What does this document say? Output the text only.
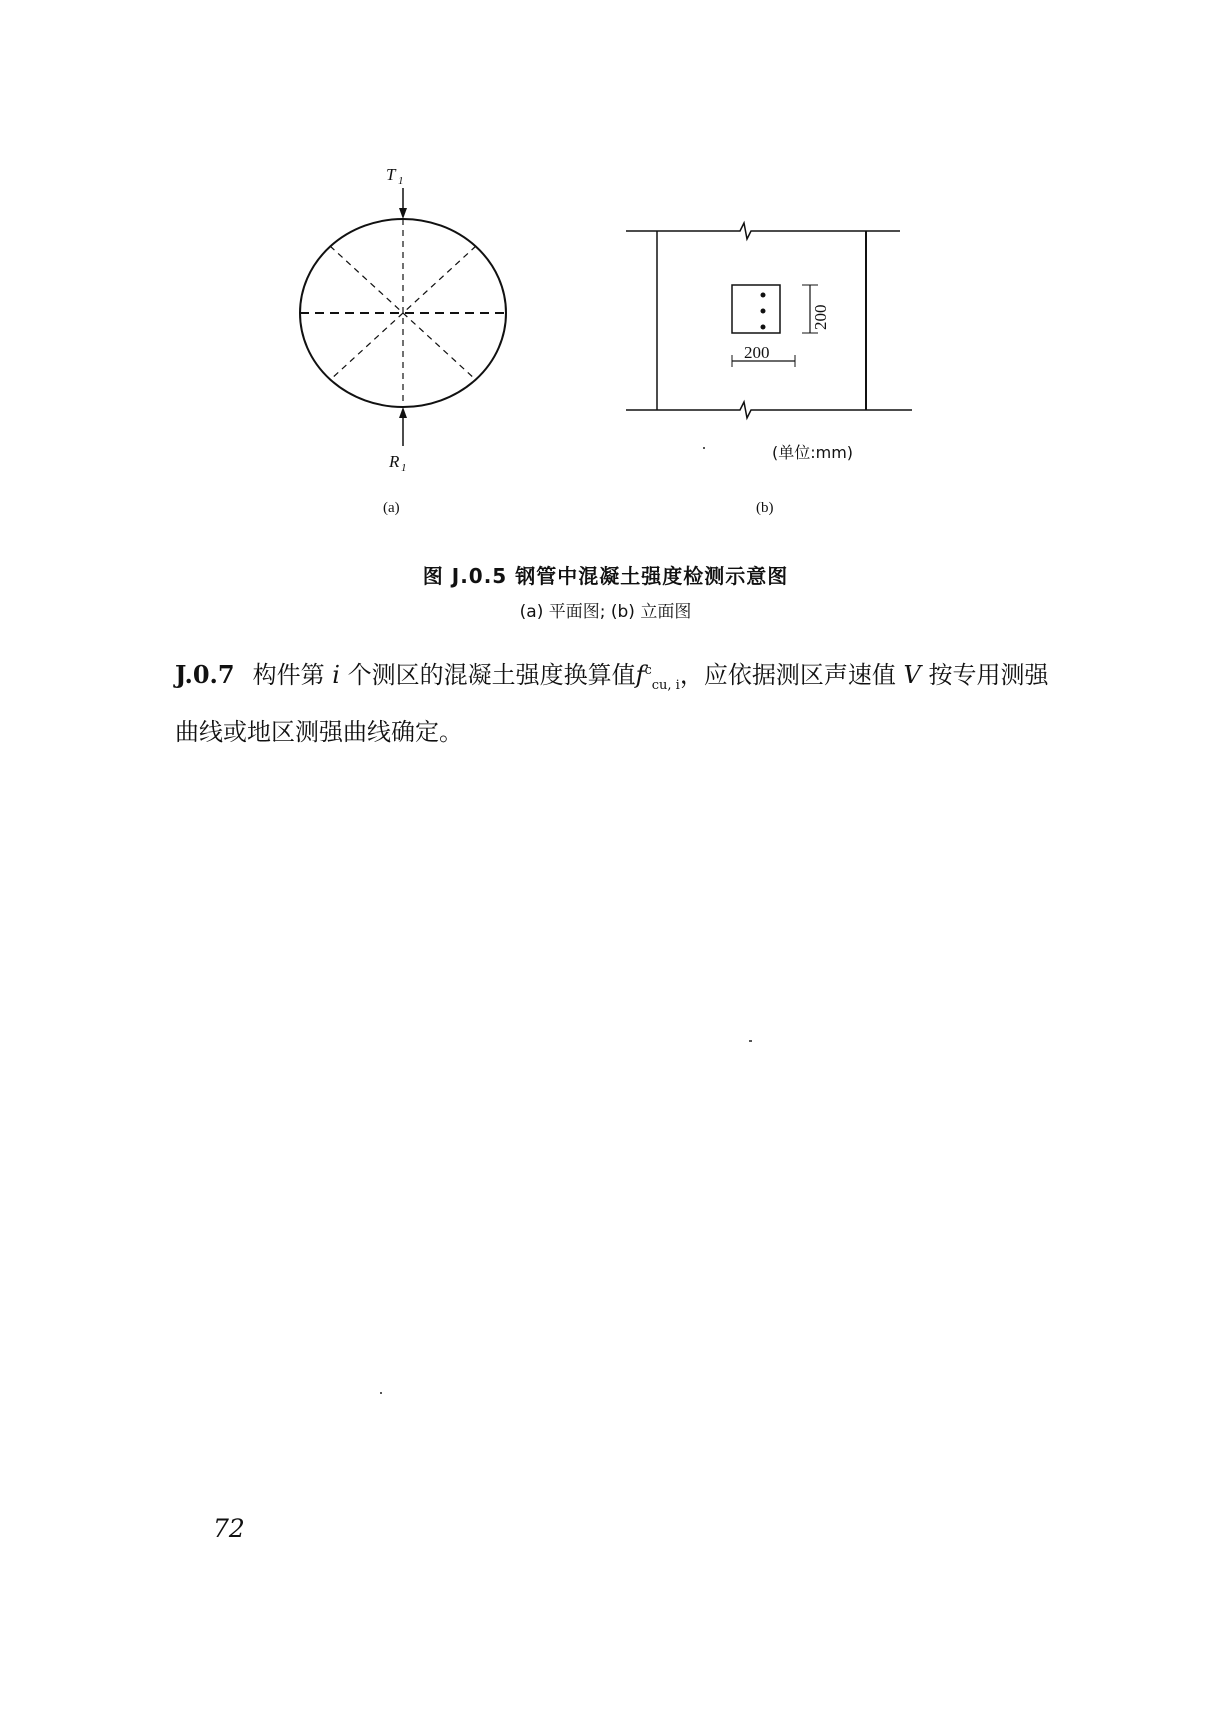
T 1
R 1
(a)
200
200
(单位:mm)
(b)
图 J.0.5 钢管中混凝土强度检测示意图
(a) 平面图; (b) 立面图
J.0.7 构件第 i 个测区的混凝土强度换算值$f^c_{cu, i}$，应依据测区声速值 V 按专用测强曲线或地区测强曲线确定。
72
